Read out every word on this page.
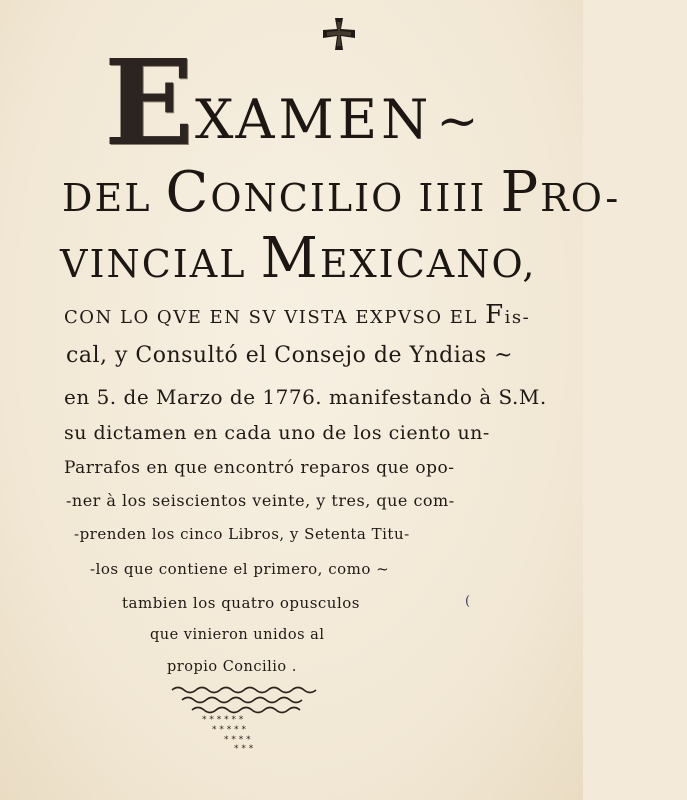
EXAMEN~
DEL CONCILIO IIII PRO-
VINCIAL MEXICANO,
CON LO QVE EN SV VISTA EXPVSO EL Fis-
cal, y Consultó el Consejo de Yndias ~
en 5. de Marzo de 1776. manifestando à S.M.
su dictamen en cada uno de los ciento un-
Parrafos en que encontró reparos que opo-
-ner à los seiscientos veinte, y tres, que com-
-prenden los cinco Libros, y Setenta Titu-
-los que contiene el primero, como ~
tambien los quatro opusculos
que vinieron unidos al
propio Concilio .
(
* * * * * *
* * * * *
* * * *
* * *
